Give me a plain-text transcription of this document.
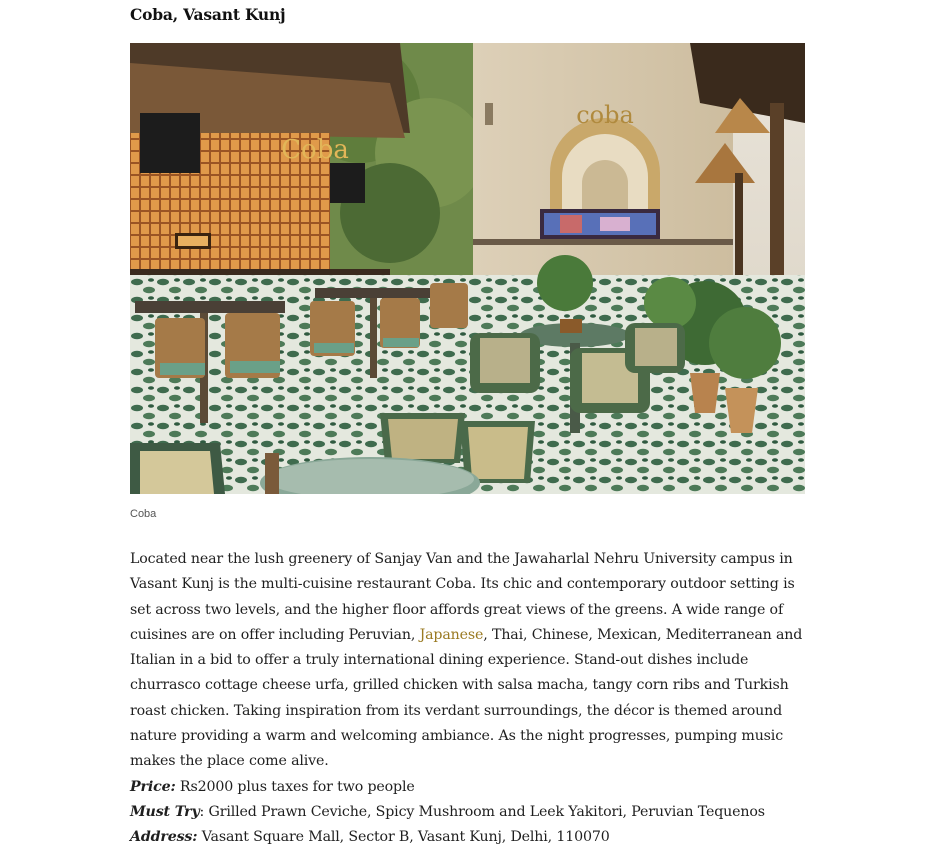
Coba, Vasant Kunj
coba
Coba
Coba

Located near the lush greenery of Sanjay Van and the Jawaharlal Nehru University campus in Vasant Kunj is the multi-cuisine restaurant Coba. Its chic and contemporary outdoor setting is set across two levels, and the higher floor affords great views of the greens. A wide range of cuisines are on offer including Peruvian, Japanese, Thai, Chinese, Mexican, Mediterranean and Italian in a bid to offer a truly international dining experience. Stand-out dishes include churrasco cottage cheese urfa, grilled chicken with salsa macha, tangy corn ribs and Turkish roast chicken. Taking inspiration from its verdant surroundings, the décor is themed around nature providing a warm and welcoming ambiance. As the night progresses, pumping music makes the place come alive.

Price: Rs2000 plus taxes for two people

Must Try: Grilled Prawn Ceviche, Spicy Mushroom and Leek Yakitori, Peruvian Tequenos

Address: Vasant Square Mall, Sector B, Vasant Kunj, Delhi, 110070
